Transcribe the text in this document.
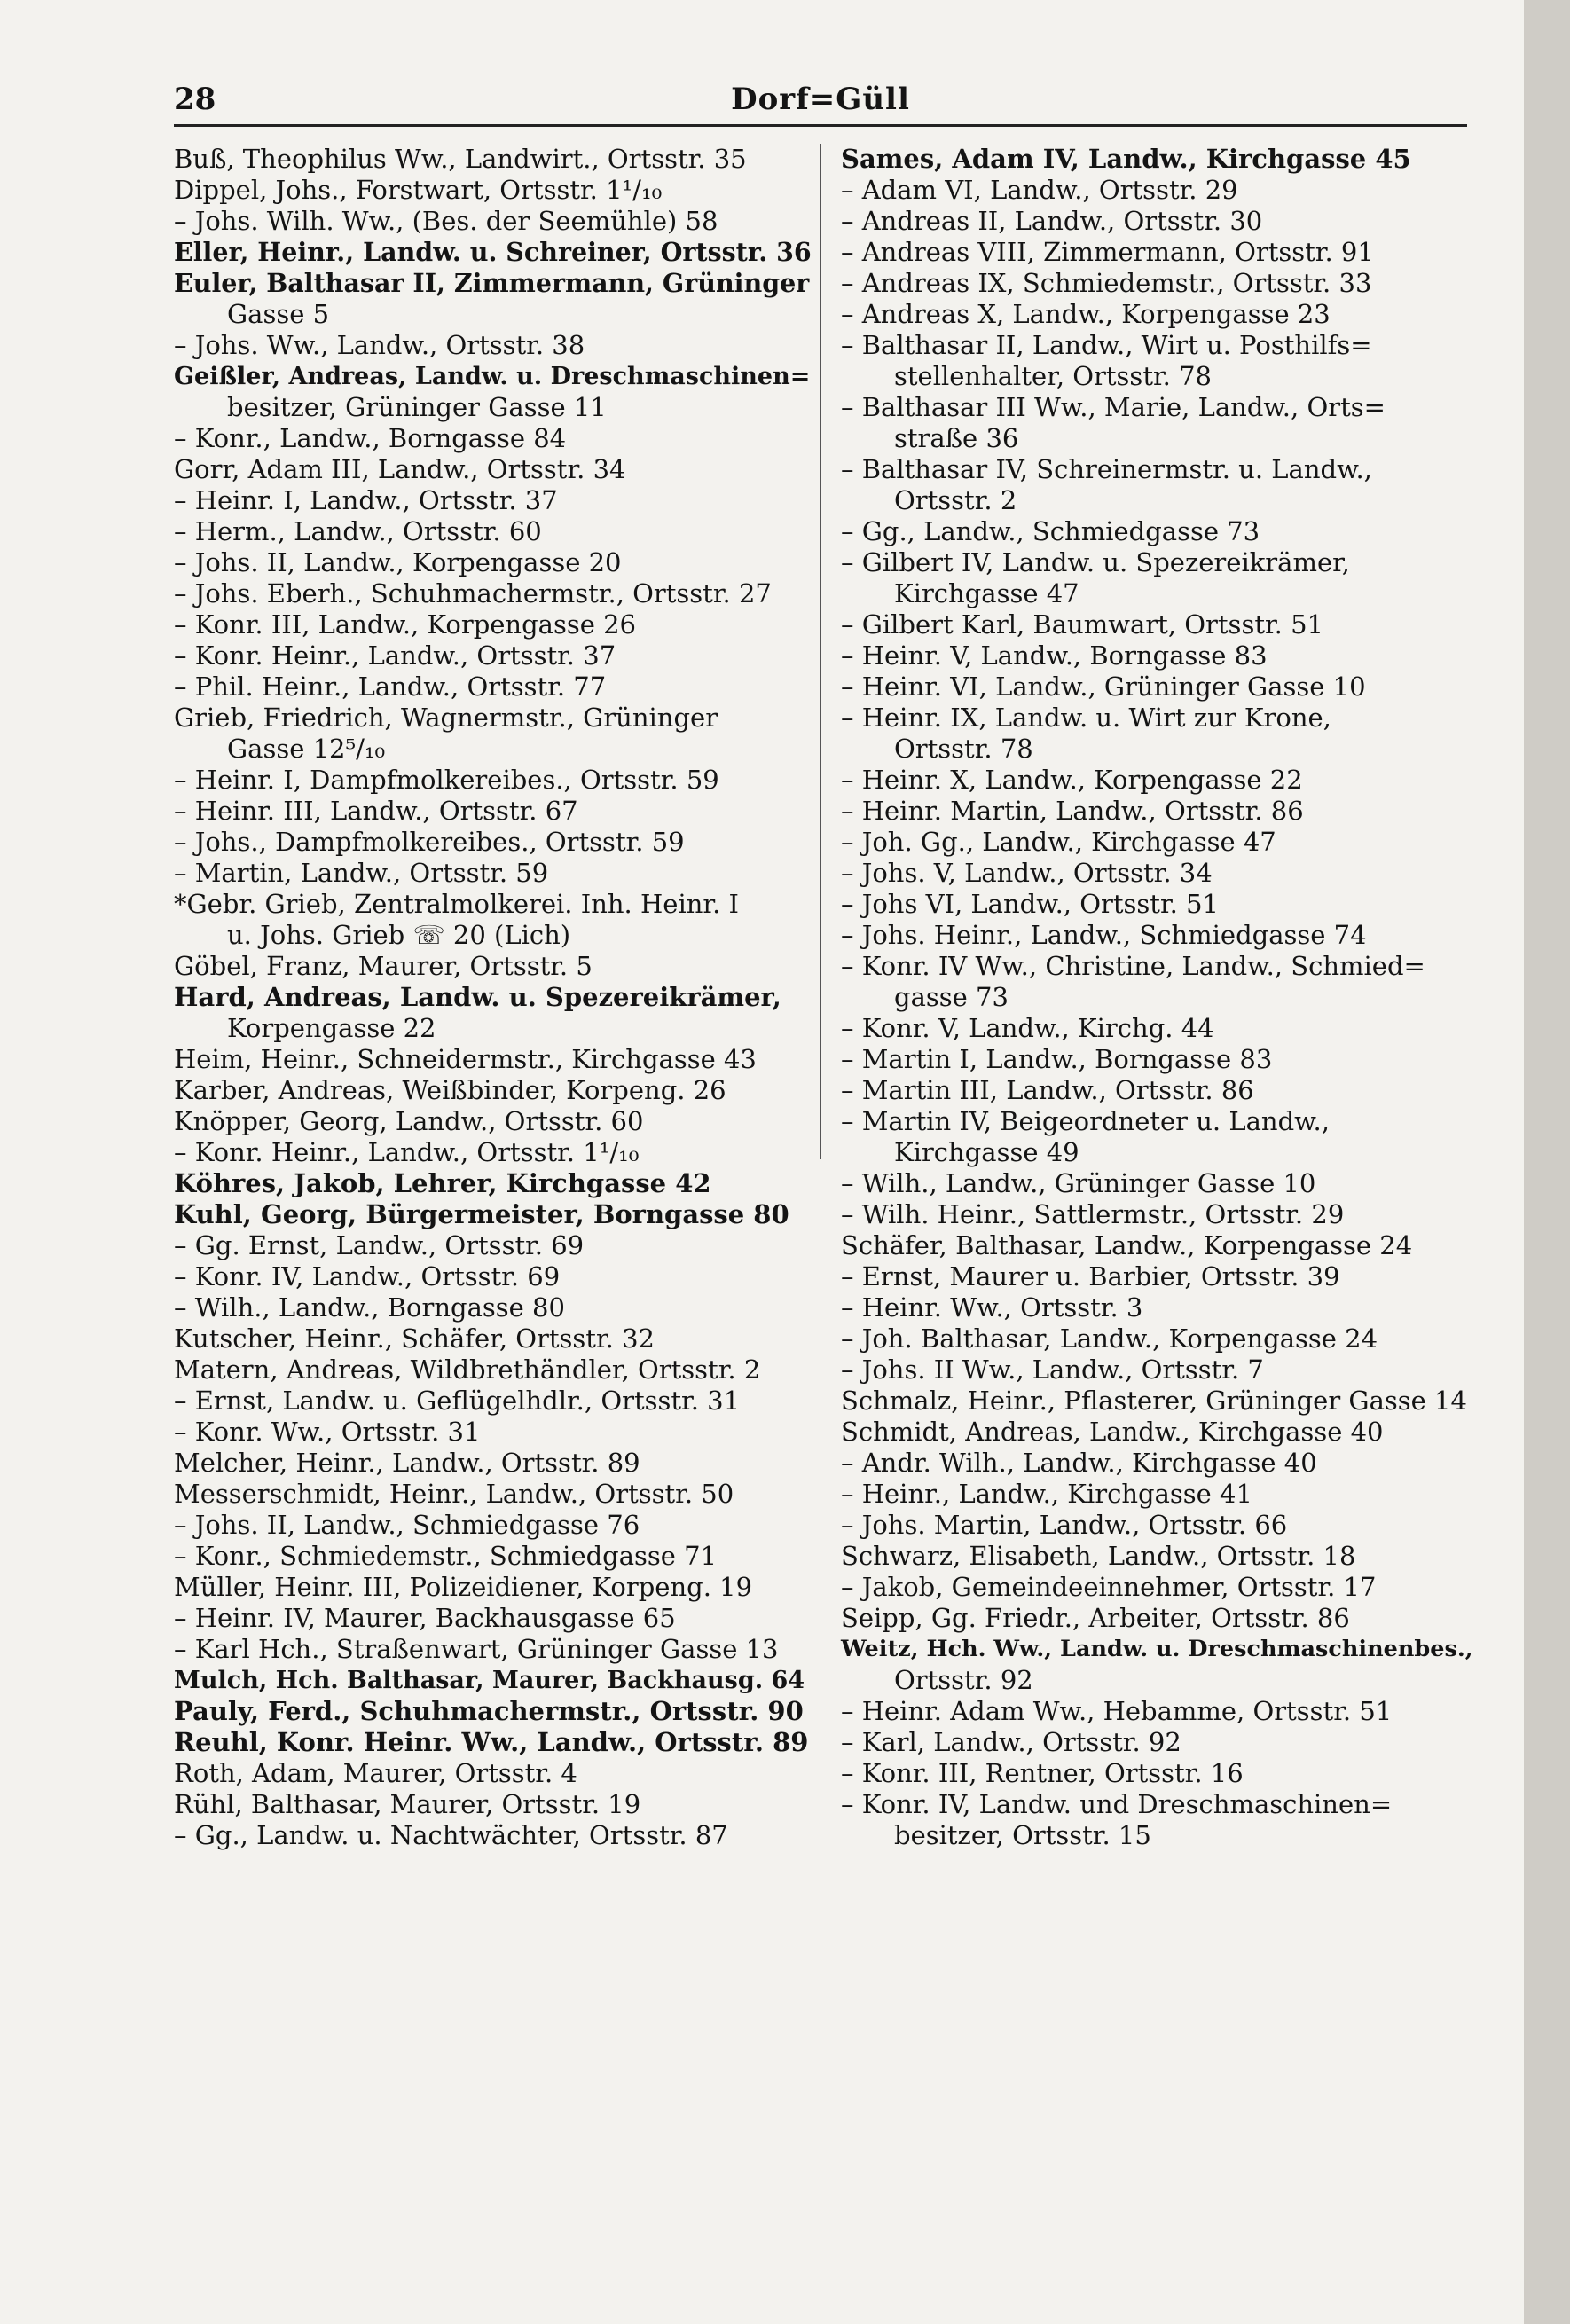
28	Dorf=Güll
Buß, Theophilus Ww., Landwirt., Ortsstr. 35
Dippel, Johs., Forstwart, Ortsstr. 1¹/₁₀
– Johs. Wilh. Ww., (Bes. der Seemühle) 58
Eller, Heinr., Landw. u. Schreiner, Ortsstr. 36
Euler, Balthasar II, Zimmermann, Grüninger
Gasse 5
– Johs. Ww., Landw., Ortsstr. 38
Geißler, Andreas, Landw. u. Dreschmaschinen=
besitzer, Grüninger Gasse 11
– Konr., Landw., Borngasse 84
Gorr, Adam III, Landw., Ortsstr. 34
– Heinr. I, Landw., Ortsstr. 37
– Herm., Landw., Ortsstr. 60
– Johs. II, Landw., Korpengasse 20
– Johs. Eberh., Schuhmachermstr., Ortsstr. 27
– Konr. III, Landw., Korpengasse 26
– Konr. Heinr., Landw., Ortsstr. 37
– Phil. Heinr., Landw., Ortsstr. 77
Grieb, Friedrich, Wagnermstr., Grüninger
Gasse 12⁵/₁₀
– Heinr. I, Dampfmolkereibes., Ortsstr. 59
– Heinr. III, Landw., Ortsstr. 67
– Johs., Dampfmolkereibes., Ortsstr. 59
– Martin, Landw., Ortsstr. 59
*Gebr. Grieb, Zentralmolkerei. Inh. Heinr. I
u. Johs. Grieb ☏ 20 (Lich)
Göbel, Franz, Maurer, Ortsstr. 5
Hard, Andreas, Landw. u. Spezereikrämer,
Korpengasse 22
Heim, Heinr., Schneidermstr., Kirchgasse 43
Karber, Andreas, Weißbinder, Korpeng. 26
Knöpper, Georg, Landw., Ortsstr. 60
– Konr. Heinr., Landw., Ortsstr. 1¹/₁₀
Köhres, Jakob, Lehrer, Kirchgasse 42
Kuhl, Georg, Bürgermeister, Borngasse 80
– Gg. Ernst, Landw., Ortsstr. 69
– Konr. IV, Landw., Ortsstr. 69
– Wilh., Landw., Borngasse 80
Kutscher, Heinr., Schäfer, Ortsstr. 32
Matern, Andreas, Wildbrethändler, Ortsstr. 2
– Ernst, Landw. u. Geflügelhdlr., Ortsstr. 31
– Konr. Ww., Ortsstr. 31
Melcher, Heinr., Landw., Ortsstr. 89
Messerschmidt, Heinr., Landw., Ortsstr. 50
– Johs. II, Landw., Schmiedgasse 76
– Konr., Schmiedemstr., Schmiedgasse 71
Müller, Heinr. III, Polizeidiener, Korpeng. 19
– Heinr. IV, Maurer, Backhausgasse 65
– Karl Hch., Straßenwart, Grüninger Gasse 13
Mulch, Hch. Balthasar, Maurer, Backhausg. 64
Pauly, Ferd., Schuhmachermstr., Ortsstr. 90
Reuhl, Konr. Heinr. Ww., Landw., Ortsstr. 89
Roth, Adam, Maurer, Ortsstr. 4
Rühl, Balthasar, Maurer, Ortsstr. 19
– Gg., Landw. u. Nachtwächter, Ortsstr. 87
Sames, Adam IV, Landw., Kirchgasse 45
– Adam VI, Landw., Ortsstr. 29
– Andreas II, Landw., Ortsstr. 30
– Andreas VIII, Zimmermann, Ortsstr. 91
– Andreas IX, Schmiedemstr., Ortsstr. 33
– Andreas X, Landw., Korpengasse 23
– Balthasar II, Landw., Wirt u. Posthilfs=
stellenhalter, Ortsstr. 78
– Balthasar III Ww., Marie, Landw., Orts=
straße 36
– Balthasar IV, Schreinermstr. u. Landw.,
Ortsstr. 2
– Gg., Landw., Schmiedgasse 73
– Gilbert IV, Landw. u. Spezereikrämer,
Kirchgasse 47
– Gilbert Karl, Baumwart, Ortsstr. 51
– Heinr. V, Landw., Borngasse 83
– Heinr. VI, Landw., Grüninger Gasse 10
– Heinr. IX, Landw. u. Wirt zur Krone,
Ortsstr. 78
– Heinr. X, Landw., Korpengasse 22
– Heinr. Martin, Landw., Ortsstr. 86
– Joh. Gg., Landw., Kirchgasse 47
– Johs. V, Landw., Ortsstr. 34
– Johs VI, Landw., Ortsstr. 51
– Johs. Heinr., Landw., Schmiedgasse 74
– Konr. IV Ww., Christine, Landw., Schmied=
gasse 73
– Konr. V, Landw., Kirchg. 44
– Martin I, Landw., Borngasse 83
– Martin III, Landw., Ortsstr. 86
– Martin IV, Beigeordneter u. Landw.,
Kirchgasse 49
– Wilh., Landw., Grüninger Gasse 10
– Wilh. Heinr., Sattlermstr., Ortsstr. 29
Schäfer, Balthasar, Landw., Korpengasse 24
– Ernst, Maurer u. Barbier, Ortsstr. 39
– Heinr. Ww., Ortsstr. 3
– Joh. Balthasar, Landw., Korpengasse 24
– Johs. II Ww., Landw., Ortsstr. 7
Schmalz, Heinr., Pflasterer, Grüninger Gasse 14
Schmidt, Andreas, Landw., Kirchgasse 40
– Andr. Wilh., Landw., Kirchgasse 40
– Heinr., Landw., Kirchgasse 41
– Johs. Martin, Landw., Ortsstr. 66
Schwarz, Elisabeth, Landw., Ortsstr. 18
– Jakob, Gemeindeeinnehmer, Ortsstr. 17
Seipp, Gg. Friedr., Arbeiter, Ortsstr. 86
Weitz, Hch. Ww., Landw. u. Dreschmaschinenbes.,
Ortsstr. 92
– Heinr. Adam Ww., Hebamme, Ortsstr. 51
– Karl, Landw., Ortsstr. 92
– Konr. III, Rentner, Ortsstr. 16
– Konr. IV, Landw. und Dreschmaschinen=
besitzer, Ortsstr. 15
